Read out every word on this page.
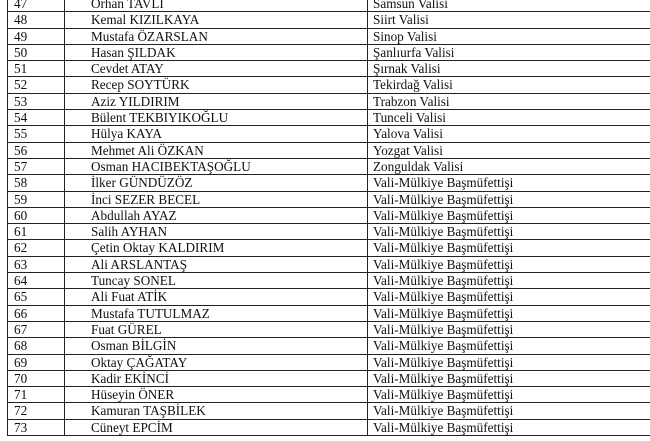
47	Orhan TAVLI	Samsun Valisi
48	Kemal KIZILKAYA	Siirt Valisi
49	Mustafa ÖZARSLAN	Sinop Valisi
50	Hasan ŞILDAK	Şanlıurfa Valisi
51	Cevdet ATAY	Şırnak Valisi
52	Recep SOYTÜRK	Tekirdağ Valisi
53	Aziz YILDIRIM	Trabzon Valisi
54	Bülent TEKBIYIKOĞLU	Tunceli Valisi
55	Hülya KAYA	Yalova Valisi
56	Mehmet Ali ÖZKAN	Yozgat Valisi
57	Osman HACIBEKTAŞOĞLU	Zonguldak Valisi
58	İlker GÜNDÜZÖZ	Vali-Mülkiye Başmüfettişi
59	İnci SEZER BECEL	Vali-Mülkiye Başmüfettişi
60	Abdullah AYAZ	Vali-Mülkiye Başmüfettişi
61	Salih AYHAN	Vali-Mülkiye Başmüfettişi
62	Çetin Oktay KALDIRIM	Vali-Mülkiye Başmüfettişi
63	Ali ARSLANTAŞ	Vali-Mülkiye Başmüfettişi
64	Tuncay SONEL	Vali-Mülkiye Başmüfettişi
65	Ali Fuat ATİK	Vali-Mülkiye Başmüfettişi
66	Mustafa TUTULMAZ	Vali-Mülkiye Başmüfettişi
67	Fuat GÜREL	Vali-Mülkiye Başmüfettişi
68	Osman BİLGİN	Vali-Mülkiye Başmüfettişi
69	Oktay ÇAĞATAY	Vali-Mülkiye Başmüfettişi
70	Kadir EKİNCİ	Vali-Mülkiye Başmüfettişi
71	Hüseyin ÖNER	Vali-Mülkiye Başmüfettişi
72	Kamuran TAŞBİLEK	Vali-Mülkiye Başmüfettişi
73	Cüneyt EPCİM	Vali-Mülkiye Başmüfettişi
